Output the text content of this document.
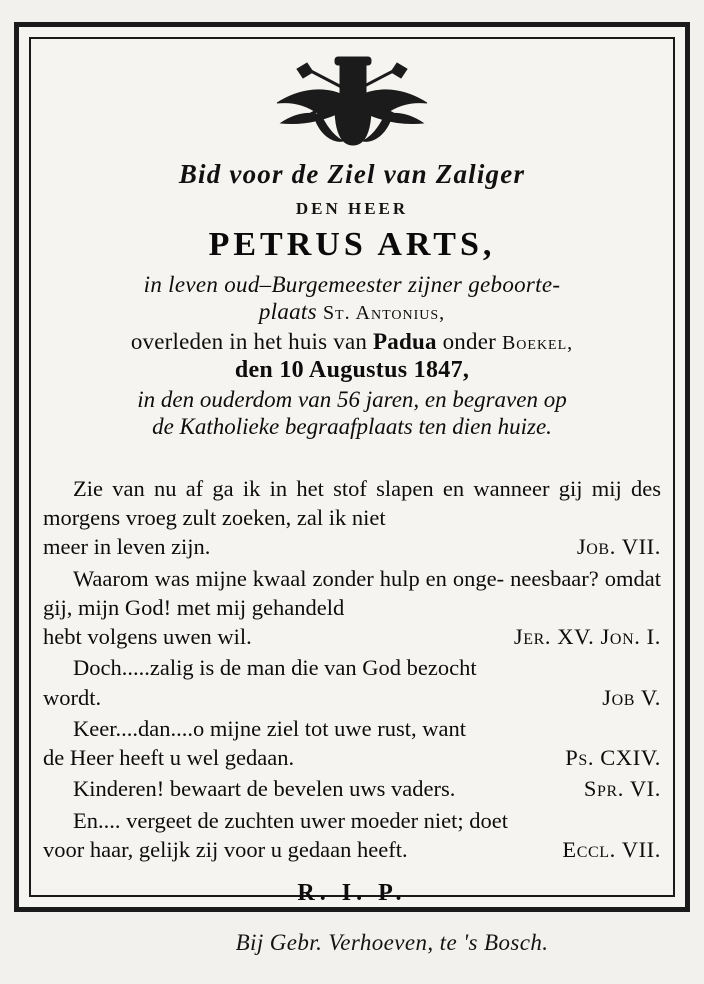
Bid voor de Ziel van Zaliger
DEN HEER
PETRUS ARTS,
in leven oud–Burgemeester zijner geboorte-
plaats St. Antonius,
overleden in het huis van Padua onder Boekel,
den 10 Augustus 1847,
in den ouderdom van 56 jaren, en begraven op
de Katholieke begraafplaats ten dien huize.

Zie van nu af ga ik in het stof slapen en wanneer gij mij des morgens vroeg zult zoeken, zal ik niet

meer in leven zijn.	Job. VII.

Waarom was mijne kwaal zonder hulp en onge- neesbaar? omdat gij, mijn God! met mij gehandeld

hebt volgens uwen wil.	Jer. XV. Jon. I.

Doch.....zalig is de man die van God bezocht

wordt.	Job V.

Keer....dan....o mijne ziel tot uwe rust, want

de Heer heeft u wel gedaan.	Ps. CXIV.
Kinderen! bewaart de bevelen uws vaders.	Spr. VI.

En.... vergeet de zuchten uwer moeder niet; doet

voor haar, gelijk zij voor u gedaan heeft.	Eccl. VII.
R. I. P.
Bij Gebr. Verhoeven, te 's Bosch.
